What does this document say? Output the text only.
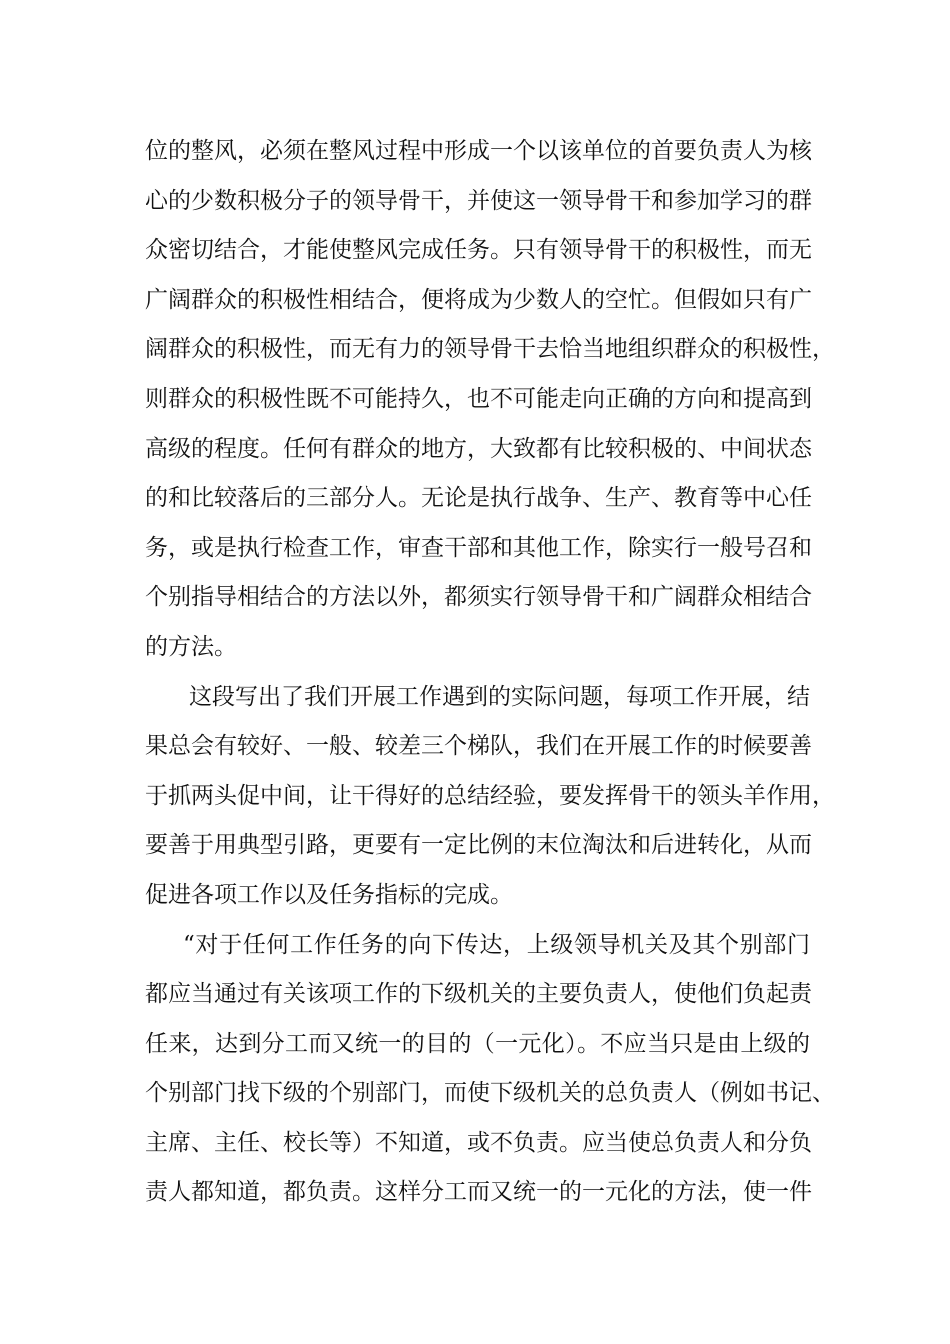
位的整风，必须在整风过程中形成一个以该单位的首要负责人为核
心的少数积极分子的领导骨干，并使这一领导骨干和参加学习的群
众密切结合，才能使整风完成任务。只有领导骨干的积极性，而无
广阔群众的积极性相结合，便将成为少数人的空忙。但假如只有广
阔群众的积极性，而无有力的领导骨干去恰当地组织群众的积极性，
则群众的积极性既不可能持久，也不可能走向正确的方向和提高到
高级的程度。任何有群众的地方，大致都有比较积极的、中间状态
的和比较落后的三部分人。无论是执行战争、生产、教育等中心任
务，或是执行检查工作，审查干部和其他工作，除实行一般号召和
个别指导相结合的方法以外，都须实行领导骨干和广阔群众相结合
的方法。
这段写出了我们开展工作遇到的实际问题，每项工作开展，结
果总会有较好、一般、较差三个梯队，我们在开展工作的时候要善
于抓两头促中间，让干得好的总结经验，要发挥骨干的领头羊作用，
要善于用典型引路，更要有一定比例的末位淘汰和后进转化，从而
促进各项工作以及任务指标的完成。
“对于任何工作任务的向下传达，上级领导机关及其个别部门
都应当通过有关该项工作的下级机关的主要负责人，使他们负起责
任来，达到分工而又统一的目的（一元化）。不应当只是由上级的
个别部门找下级的个别部门，而使下级机关的总负责人（例如书记、
主席、主任、校长等）不知道，或不负责。应当使总负责人和分负
责人都知道，都负责。这样分工而又统一的一元化的方法，使一件
